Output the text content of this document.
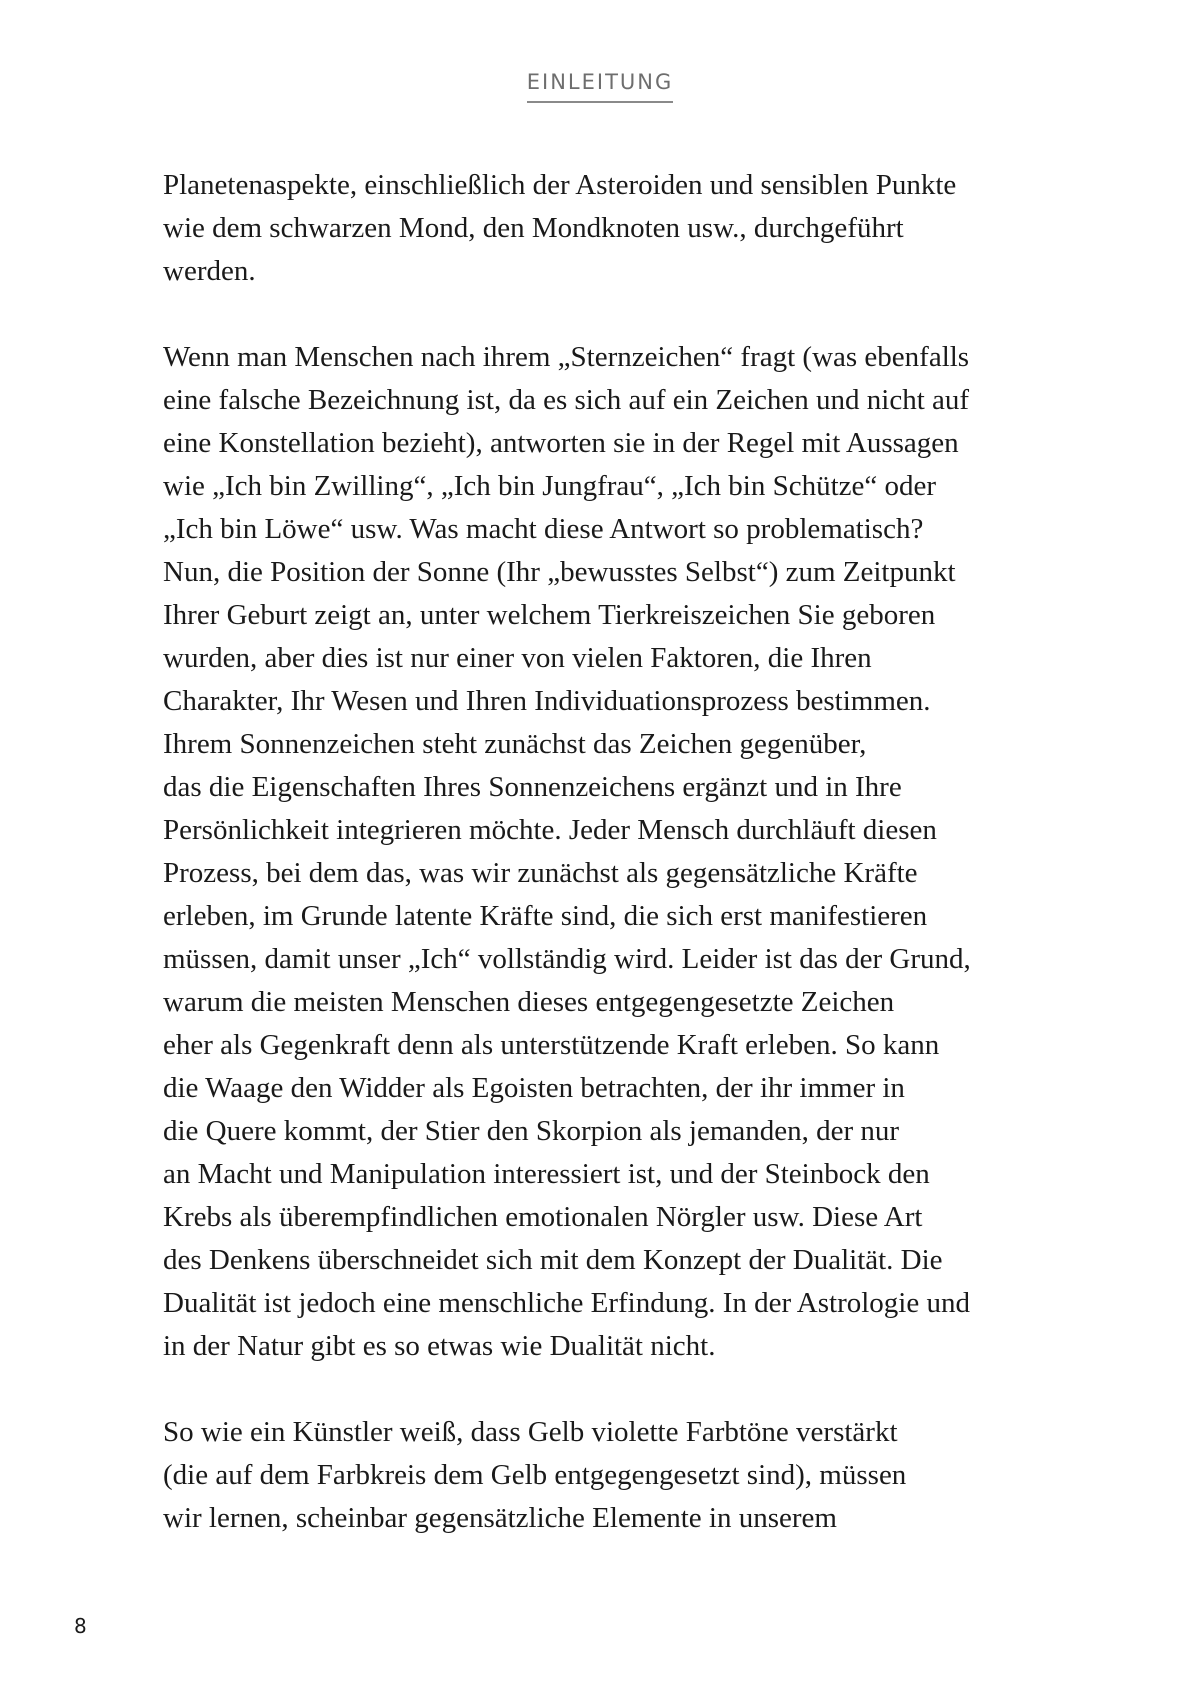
EINLEITUNG

Planetenaspekte, einschließlich der Asteroiden und sensiblen Punkte
wie dem schwarzen Mond, den Mondknoten usw., durchgeführt
werden.

Wenn man Menschen nach ihrem „Sternzeichen“ fragt (was ebenfalls
eine falsche Bezeichnung ist, da es sich auf ein Zeichen und nicht auf
eine Konstellation bezieht), antworten sie in der Regel mit Aussagen
wie „Ich bin Zwilling“, „Ich bin Jungfrau“, „Ich bin Schütze“ oder
„Ich bin Löwe“ usw. Was macht diese Antwort so problematisch?
Nun, die Position der Sonne (Ihr „bewusstes Selbst“) zum Zeitpunkt
Ihrer Geburt zeigt an, unter welchem Tierkreiszeichen Sie geboren
wurden, aber dies ist nur einer von vielen Faktoren, die Ihren
Charakter, Ihr Wesen und Ihren Individuationsprozess bestimmen.
Ihrem Sonnenzeichen steht zunächst das Zeichen gegenüber,
das die Eigenschaften Ihres Sonnenzeichens ergänzt und in Ihre
Persönlichkeit integrieren möchte. Jeder Mensch durchläuft diesen
Prozess, bei dem das, was wir zunächst als gegensätzliche Kräfte
erleben, im Grunde latente Kräfte sind, die sich erst manifestieren
müssen, damit unser „Ich“ vollständig wird. Leider ist das der Grund,
warum die meisten Menschen dieses entgegengesetzte Zeichen
eher als Gegenkraft denn als unterstützende Kraft erleben. So kann
die Waage den Widder als Egoisten betrachten, der ihr immer in
die Quere kommt, der Stier den Skorpion als jemanden, der nur
an Macht und Manipulation interessiert ist, und der Steinbock den
Krebs als überempfindlichen emotionalen Nörgler usw. Diese Art
des Denkens überschneidet sich mit dem Konzept der Dualität. Die
Dualität ist jedoch eine menschliche Erfindung. In der Astrologie und
in der Natur gibt es so etwas wie Dualität nicht.

So wie ein Künstler weiß, dass Gelb violette Farbtöne verstärkt
(die auf dem Farbkreis dem Gelb entgegengesetzt sind), müssen
wir lernen, scheinbar gegensätzliche Elemente in unserem

8
